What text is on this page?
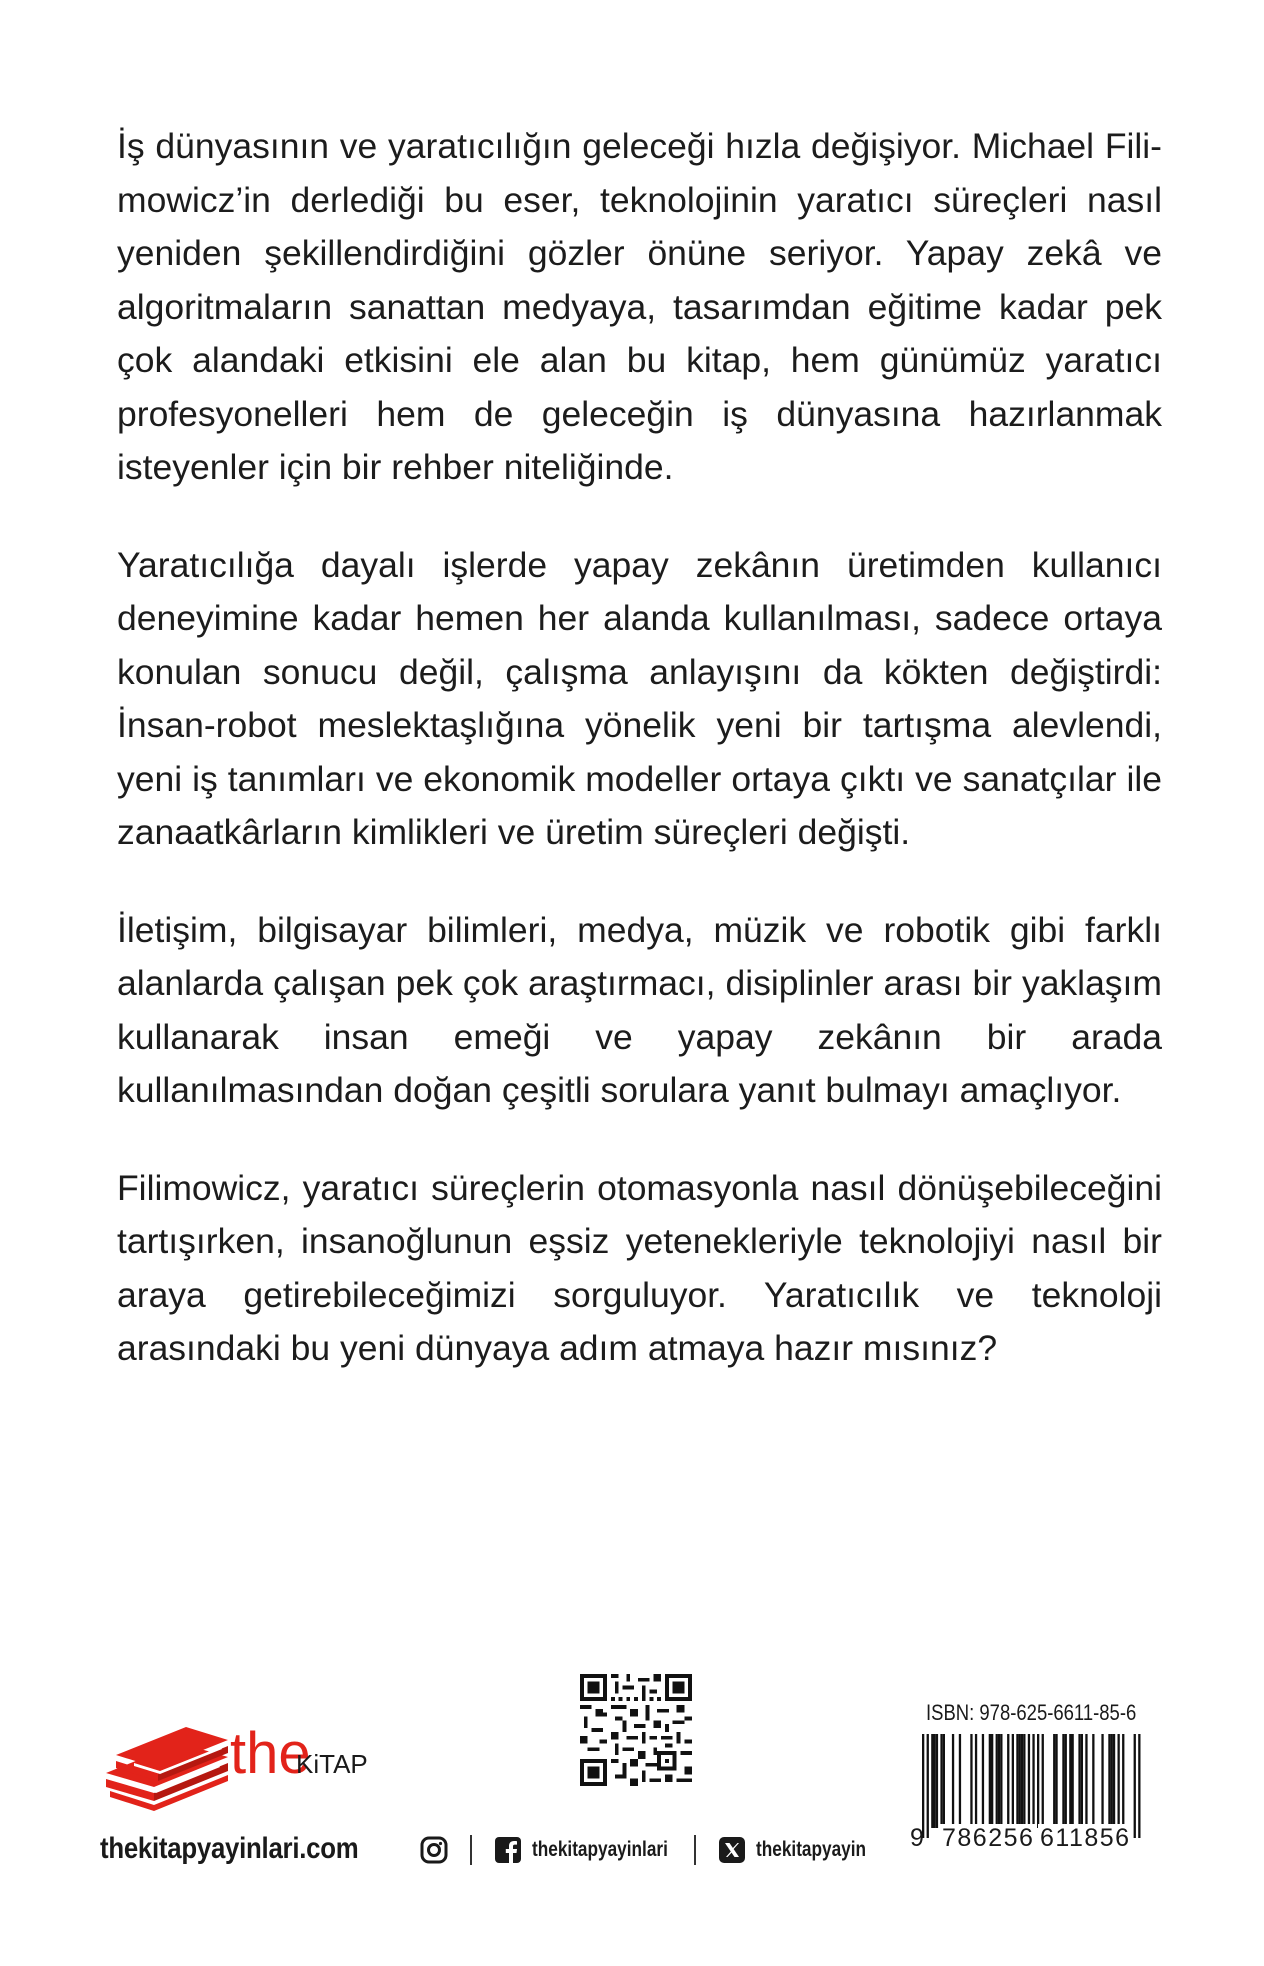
İş dünyasının ve yaratıcılığın geleceği hızla değişiyor. Michael Filimowicz’in derlediği bu eser, teknolojinin yaratıcı süreçleri nasıl yeniden şekillendirdiğini gözler önüne seriyor. Yapay zekâ ve algoritmaların sanattan medyaya, tasarımdan eğitime kadar pek çok alandaki etkisini ele alan bu kitap, hem günümüz yaratıcı profesyonelleri hem de geleceğin iş dünyasına hazırlanmak isteyenler için bir rehber niteliğinde.

Yaratıcılığa dayalı işlerde yapay zekânın üretimden kullanıcı deneyimine kadar hemen her alanda kullanılması, sadece ortaya konulan sonucu değil, çalışma anlayışını da kökten değiştirdi: İnsan-robot meslektaşlığına yönelik yeni bir tartışma alevlendi, yeni iş tanımları ve ekonomik modeller ortaya çıktı ve sanatçılar ile zanaatkârların kimlikleri ve üretim süreçleri değişti.

İletişim, bilgisayar bilimleri, medya, müzik ve robotik gibi farklı alanlarda çalışan pek çok araştırmacı, disiplinler arası bir yaklaşım kullanarak insan emeği ve yapay zekânın bir arada kullanılmasından doğan çeşitli sorulara yanıt bulmayı amaçlıyor.

Filimowicz, yaratıcı süreçlerin otomasyonla nasıl dönüşebileceğini tartışırken, insanoğlunun eşsiz yetenekleriyle teknolojiyi nasıl bir araya getirebileceğimizi sorguluyor. Yaratıcılık ve teknoloji arasındaki bu yeni dünyaya adım atmaya hazır mısınız?

the
KiTAP
thekitapyayinlari.com	thekitapyayinlari	thekitapyayin
ISBN: 978-625-6611-85-6
9 786256 611856
